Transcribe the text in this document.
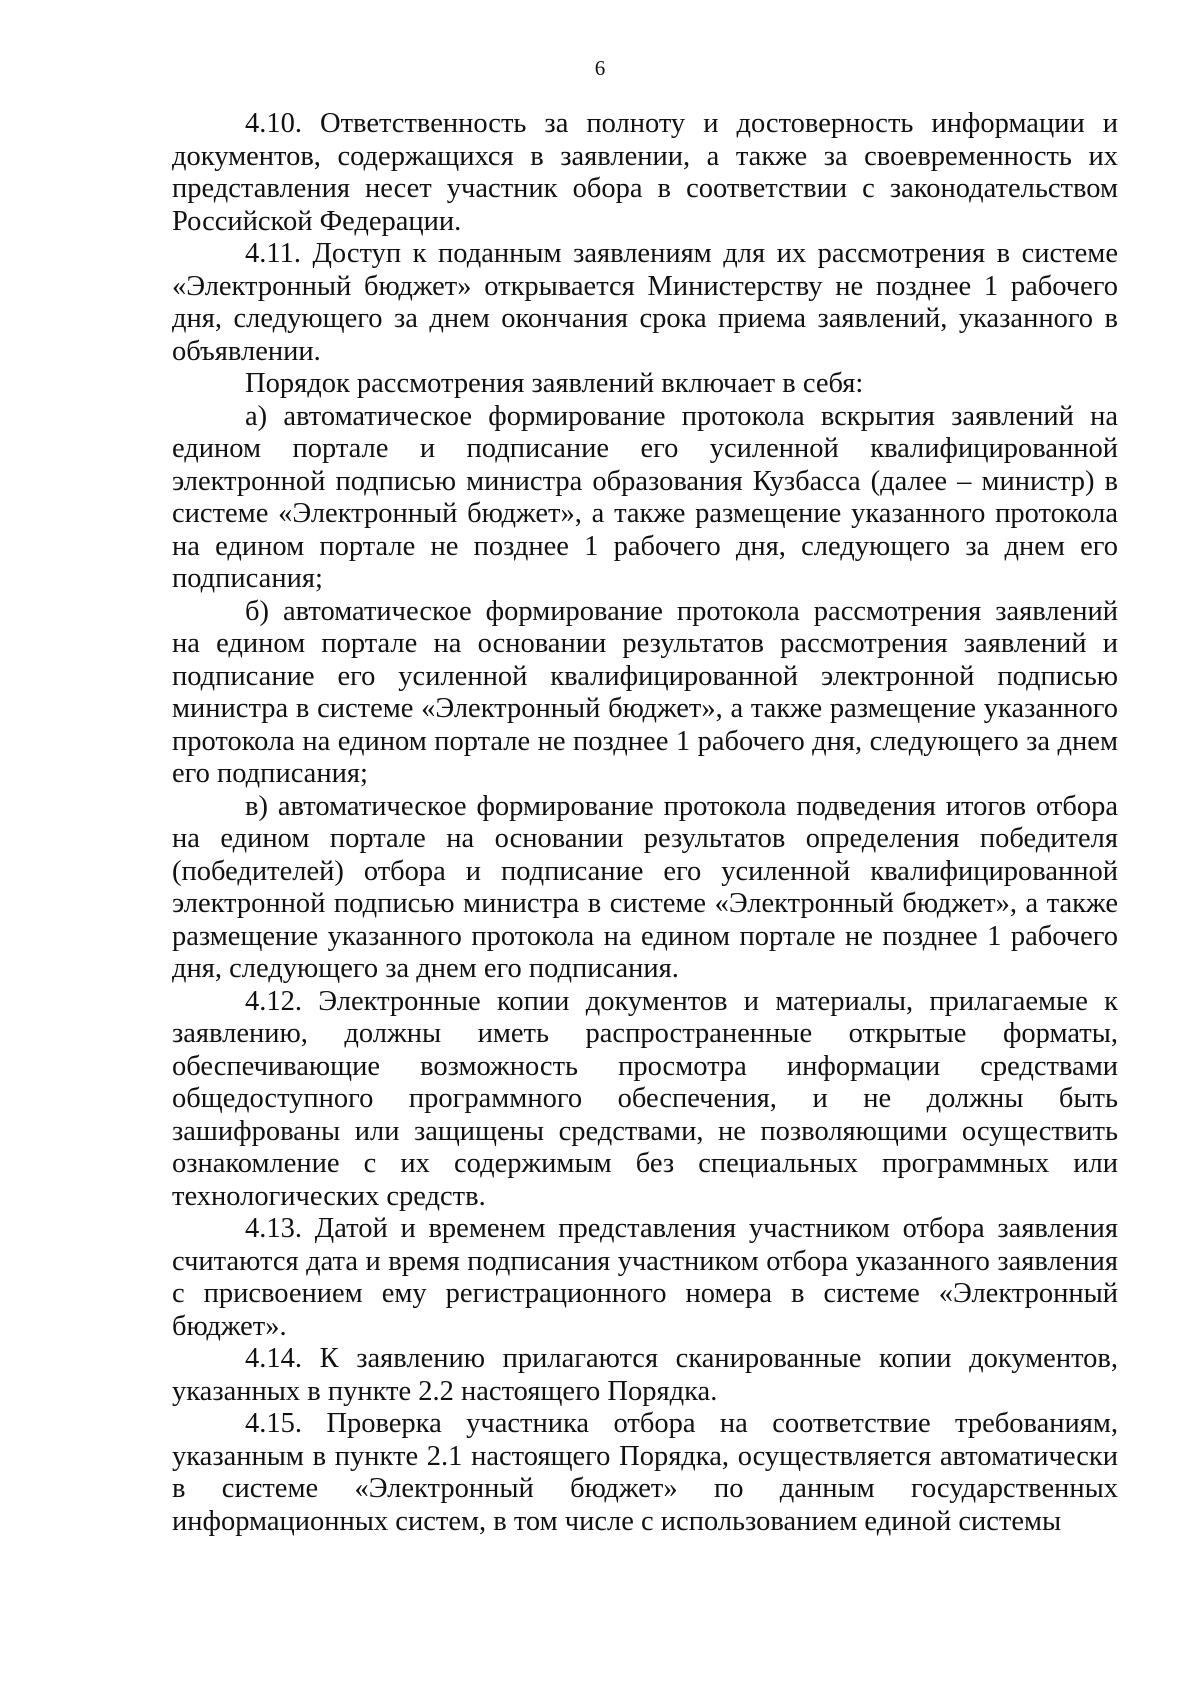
6

4.10. Ответственность за полноту и достоверность информации и документов, содержащихся в заявлении, а также за своевременность их представления несет участник обора в соответствии с законодательством Российской Федерации.

4.11. Доступ к поданным заявлениям для их рассмотрения в системе «Электронный бюджет» открывается Министерству не позднее 1 рабочего дня, следующего за днем окончания срока приема заявлений, указанного в объявлении.

Порядок рассмотрения заявлений включает в себя:

а) автоматическое формирование протокола вскрытия заявлений на едином портале и подписание его усиленной квалифицированной электронной подписью министра образования Кузбасса (далее – министр) в системе «Электронный бюджет», а также размещение указанного протокола на едином портале не позднее 1 рабочего дня, следующего за днем его подписания;

б) автоматическое формирование протокола рассмотрения заявлений на едином портале на основании результатов рассмотрения заявлений и подписание его усиленной квалифицированной электронной подписью министра в системе «Электронный бюджет», а также размещение указанного протокола на едином портале не позднее 1 рабочего дня, следующего за днем его подписания;

в) автоматическое формирование протокола подведения итогов отбора на едином портале на основании результатов определения победителя (победителей) отбора и подписание его усиленной квалифицированной электронной подписью министра в системе «Электронный бюджет», а также размещение указанного протокола на едином портале не позднее 1 рабочего дня, следующего за днем его подписания.

4.12. Электронные копии документов и материалы, прилагаемые к заявлению, должны иметь распространенные открытые форматы, обеспечивающие возможность просмотра информации средствами общедоступного программного обеспечения, и не должны быть зашифрованы или защищены средствами, не позволяющими осуществить ознакомление с их содержимым без специальных программных или технологических средств.

4.13. Датой и временем представления участником отбора заявления считаются дата и время подписания участником отбора указанного заявления с присвоением ему регистрационного номера в системе «Электронный бюджет».

4.14. К заявлению прилагаются сканированные копии документов, указанных в пункте 2.2 настоящего Порядка.

4.15. Проверка участника отбора на соответствие требованиям, указанным в пункте 2.1 настоящего Порядка, осуществляется автоматически в системе «Электронный бюджет» по данным государственных информационных систем, в том числе с использованием единой системы
